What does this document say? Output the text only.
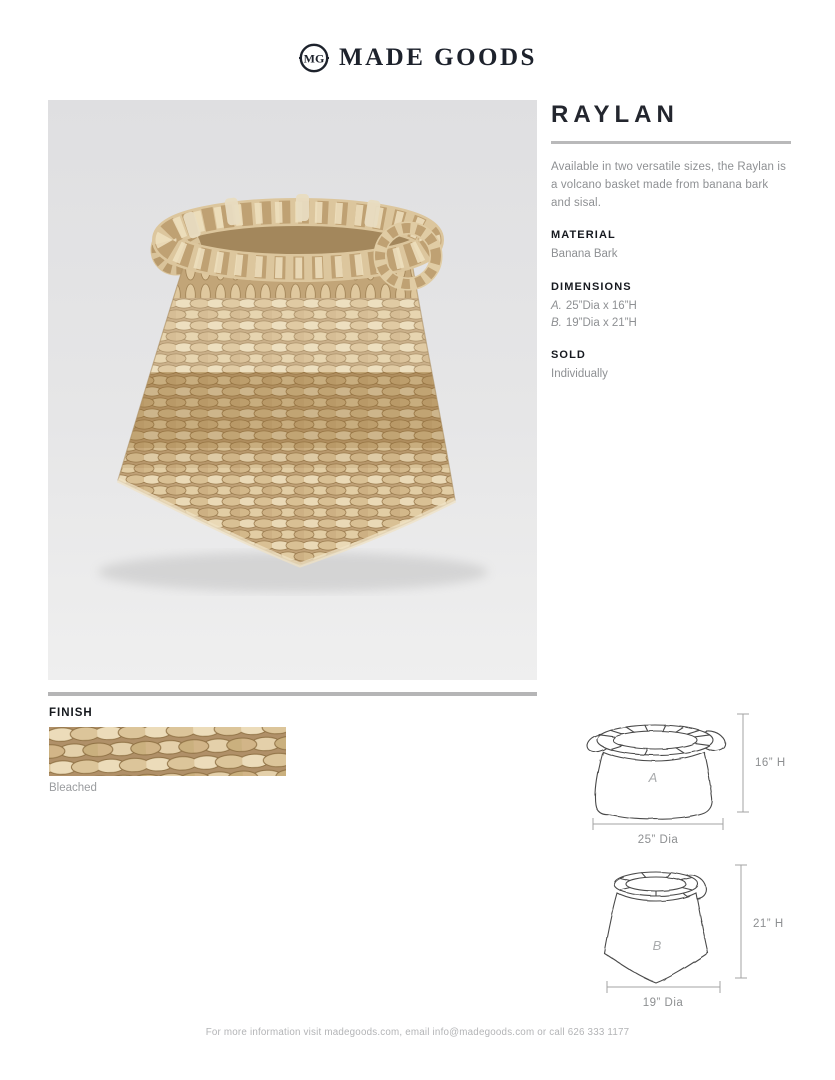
MG MADE GOODS
RAYLAN
Available in two versatile sizes, the Raylan is a volcano basket made from banana bark and sisal.
MATERIAL
Banana Bark
DIMENSIONS
A. 25”Dia x 16”H
B. 19”Dia x 21”H
SOLD
Individually
FINISH
Bleached
A
16” H
25” Dia
B
21” H
19” Dia
For more information visit madegoods.com, email info@madegoods.com or call 626 333 1177
